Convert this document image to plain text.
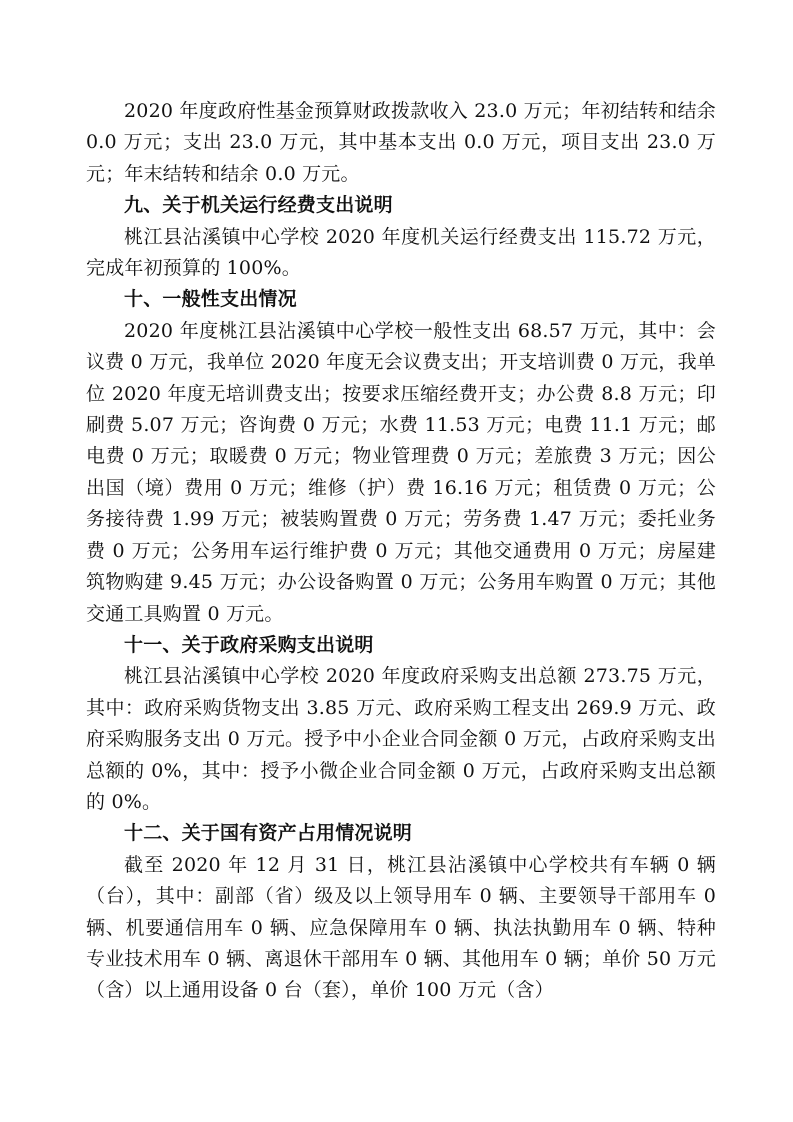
2020 年度政府性基金预算财政拨款收入 23.0 万元；年初结转和结余 0.0 万元；支出 23.0 万元，其中基本支出 0.0 万元，项目支出 23.0 万元；年末结转和结余 0.0 万元。

九、关于机关运行经费支出说明

桃江县沾溪镇中心学校 2020 年度机关运行经费支出 115.72 万元，完成年初预算的 100%。

十、一般性支出情况

2020 年度桃江县沾溪镇中心学校一般性支出 68.57 万元，其中：会议费 0 万元，我单位 2020 年度无会议费支出；开支培训费 0 万元，我单位 2020 年度无培训费支出；按要求压缩经费开支；办公费 8.8 万元；印刷费 5.07 万元；咨询费 0 万元；水费 11.53 万元；电费 11.1 万元；邮电费 0 万元；取暖费 0 万元；物业管理费 0 万元；差旅费 3 万元；因公出国（境）费用 0 万元；维修（护）费 16.16 万元；租赁费 0 万元；公务接待费 1.99 万元；被装购置费 0 万元；劳务费 1.47 万元；委托业务费 0 万元；公务用车运行维护费 0 万元；其他交通费用 0 万元；房屋建筑物购建 9.45 万元；办公设备购置 0 万元；公务用车购置 0 万元；其他交通工具购置 0 万元。

十一、关于政府采购支出说明

桃江县沾溪镇中心学校 2020 年度政府采购支出总额 273.75 万元，其中：政府采购货物支出 3.85 万元、政府采购工程支出 269.9 万元、政府采购服务支出 0 万元。授予中小企业合同金额 0 万元，占政府采购支出总额的 0%，其中：授予小微企业合同金额 0 万元，占政府采购支出总额的 0%。

十二、关于国有资产占用情况说明

截至 2020 年 12 月 31 日，桃江县沾溪镇中心学校共有车辆 0 辆（台），其中：副部（省）级及以上领导用车 0 辆、主要领导干部用车 0 辆、机要通信用车 0 辆、应急保障用车 0 辆、执法执勤用车 0 辆、特种专业技术用车 0 辆、离退休干部用车 0 辆、其他用车 0 辆；单价 50 万元（含）以上通用设备 0 台（套），单价 100 万元（含）
